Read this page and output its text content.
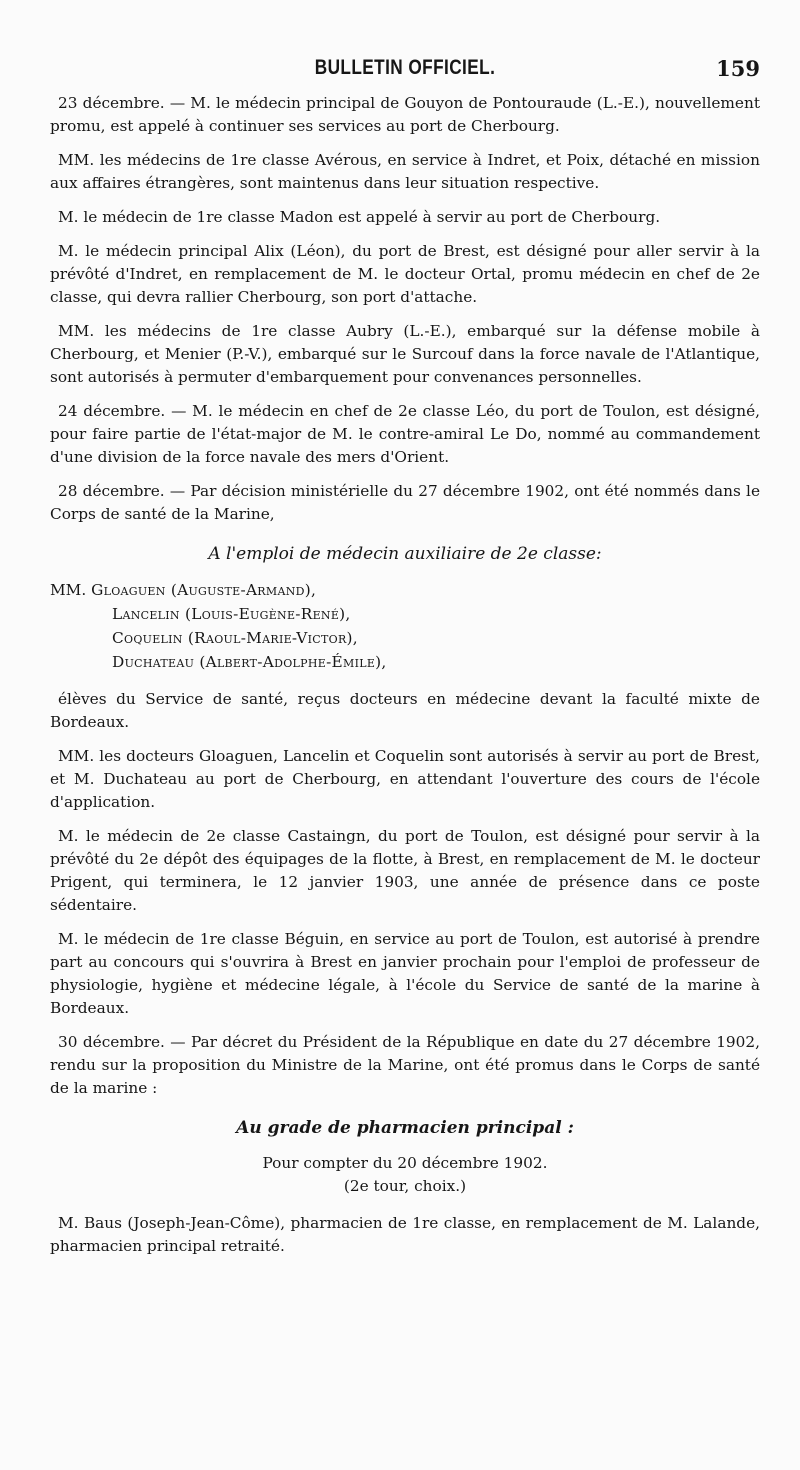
BULLETIN OFFICIEL.	159

23 décembre. — M. le médecin principal de Gouyon de Pontouraude (L.-E.), nouvellement promu, est appelé à continuer ses services au port de Cherbourg.

MM. les médecins de 1re classe Avérous, en service à Indret, et Poix, détaché en mission aux affaires étrangères, sont maintenus dans leur situation respective.

M. le médecin de 1re classe Madon est appelé à servir au port de Cherbourg.

M. le médecin principal Alix (Léon), du port de Brest, est désigné pour aller servir à la prévôté d'Indret, en remplacement de M. le docteur Ortal, promu médecin en chef de 2e classe, qui devra rallier Cherbourg, son port d'attache.

MM. les médecins de 1re classe Aubry (L.-E.), embarqué sur la défense mobile à Cherbourg, et Menier (P.-V.), embarqué sur le Surcouf dans la force navale de l'Atlantique, sont autorisés à permuter d'embarquement pour convenances personnelles.

24 décembre. — M. le médecin en chef de 2e classe Léo, du port de Toulon, est désigné, pour faire partie de l'état-major de M. le contre-amiral Le Do, nommé au commandement d'une division de la force navale des mers d'Orient.

28 décembre. — Par décision ministérielle du 27 décembre 1902, ont été nommés dans le Corps de santé de la Marine,

A l'emploi de médecin auxiliaire de 2e classe:
MM. Gloaguen (Auguste-Armand),
Lancelin (Louis-Eugène-René),
Coquelin (Raoul-Marie-Victor),
Duchateau (Albert-Adolphe-Émile),

élèves du Service de santé, reçus docteurs en médecine devant la faculté mixte de Bordeaux.

MM. les docteurs Gloaguen, Lancelin et Coquelin sont autorisés à servir au port de Brest, et M. Duchateau au port de Cherbourg, en attendant l'ouverture des cours de l'école d'application.

M. le médecin de 2e classe Castaingn, du port de Toulon, est désigné pour servir à la prévôté du 2e dépôt des équipages de la flotte, à Brest, en remplacement de M. le docteur Prigent, qui terminera, le 12 janvier 1903, une année de présence dans ce poste sédentaire.

M. le médecin de 1re classe Béguin, en service au port de Toulon, est autorisé à prendre part au concours qui s'ouvrira à Brest en janvier prochain pour l'emploi de professeur de physiologie, hygiène et médecine légale, à l'école du Service de santé de la marine à Bordeaux.

30 décembre. — Par décret du Président de la République en date du 27 décembre 1902, rendu sur la proposition du Ministre de la Marine, ont été promus dans le Corps de santé de la marine :

Au grade de pharmacien principal :

Pour compter du 20 décembre 1902.

(2e tour, choix.)

M. Baus (Joseph-Jean-Côme), pharmacien de 1re classe, en remplacement de M. Lalande, pharmacien principal retraité.
